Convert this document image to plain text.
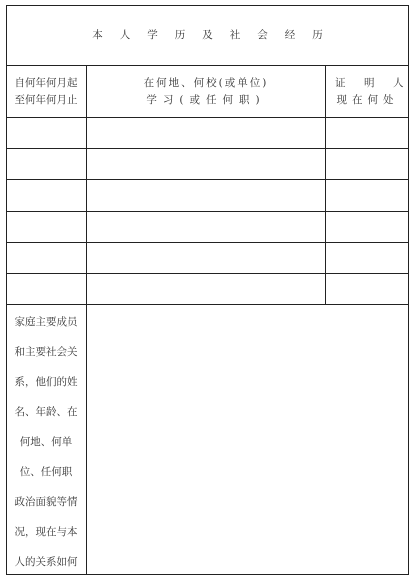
本人学历及社会经历
自何年何月起
至何年何月止
在何地、何校(或单位)
学习(或任何职)
证 明 人
现在何处
家庭主要成员
和主要社会关
系，他们的姓
名、年龄、在
何地、何单
位、任何职
政治面貌等情
况，现在与本
人的关系如何
